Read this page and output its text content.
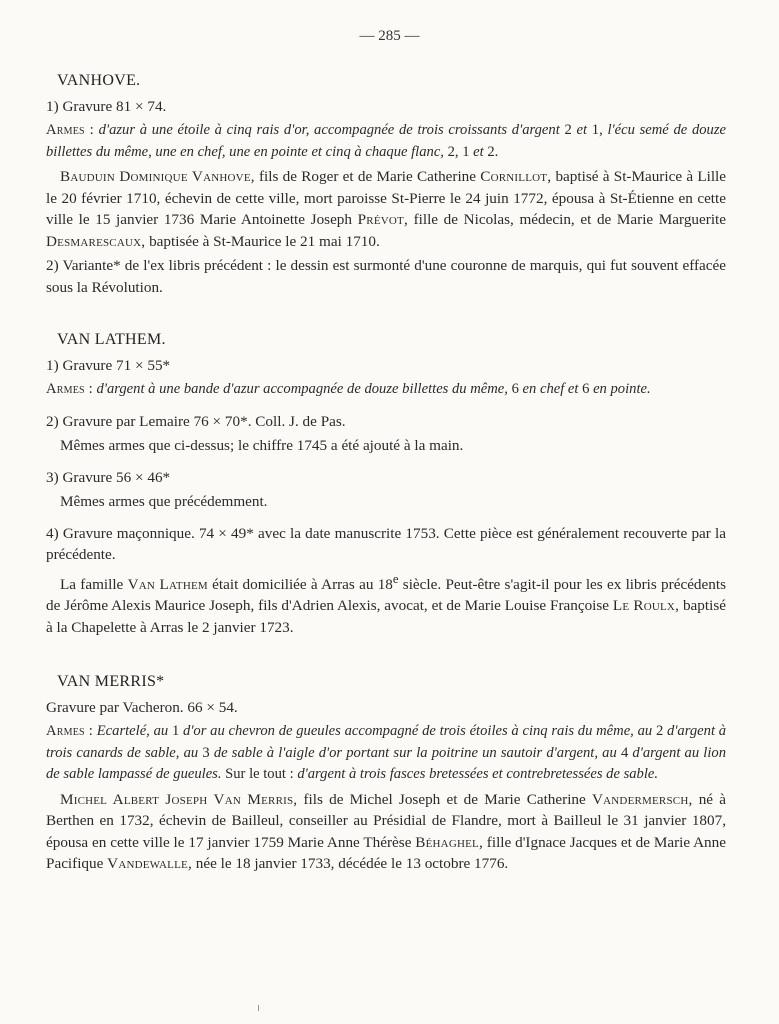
— 285 —
VANHOVE.

1) Gravure 81 × 74.

Armes : d'azur à une étoile à cinq rais d'or, accompagnée de trois croissants d'argent 2 et 1, l'écu semé de douze billettes du même, une en chef, une en pointe et cinq à chaque flanc, 2, 1 et 2.

Bauduin Dominique Vanhove, fils de Roger et de Marie Catherine Cornillot, baptisé à St-Maurice à Lille le 20 février 1710, échevin de cette ville, mort paroisse St-Pierre le 24 juin 1772, épousa à St-Étienne en cette ville le 15 janvier 1736 Marie Antoinette Joseph Prévot, fille de Nicolas, médecin, et de Marie Marguerite Desmarescaux, baptisée à St-Maurice le 21 mai 1710.

2) Variante* de l'ex libris précédent : le dessin est surmonté d'une couronne de marquis, qui fut souvent effacée sous la Révolution.

VAN LATHEM.

1) Gravure 71 × 55*

Armes : d'argent à une bande d'azur accompagnée de douze billettes du même, 6 en chef et 6 en pointe.

2) Gravure par Lemaire 76 × 70*. Coll. J. de Pas.

Mêmes armes que ci-dessus; le chiffre 1745 a été ajouté à la main.

3) Gravure 56 × 46*

Mêmes armes que précédemment.

4) Gravure maçonnique. 74 × 49* avec la date manuscrite 1753. Cette pièce est généralement recouverte par la précédente.

La famille Van Lathem était domiciliée à Arras au 18e siècle. Peut-être s'agit-il pour les ex libris précédents de Jérôme Alexis Maurice Joseph, fils d'Adrien Alexis, avocat, et de Marie Louise Françoise Le Roulx, baptisé à la Chapelette à Arras le 2 janvier 1723.

VAN MERRIS*

Gravure par Vacheron. 66 × 54.

Armes : Ecartelé, au 1 d'or au chevron de gueules accompagné de trois étoiles à cinq rais du même, au 2 d'argent à trois canards de sable, au 3 de sable à l'aigle d'or portant sur la poitrine un sautoir d'argent, au 4 d'argent au lion de sable lampassé de gueules. Sur le tout : d'argent à trois fasces bretessées et contrebretessées de sable.

Michel Albert Joseph Van Merris, fils de Michel Joseph et de Marie Catherine Vandermersch, né à Berthen en 1732, échevin de Bailleul, conseiller au Présidial de Flandre, mort à Bailleul le 31 janvier 1807, épousa en cette ville le 17 janvier 1759 Marie Anne Thérèse Béhaghel, fille d'Ignace Jacques et de Marie Anne Pacifique Vandewalle, née le 18 janvier 1733, décédée le 13 octobre 1776.
